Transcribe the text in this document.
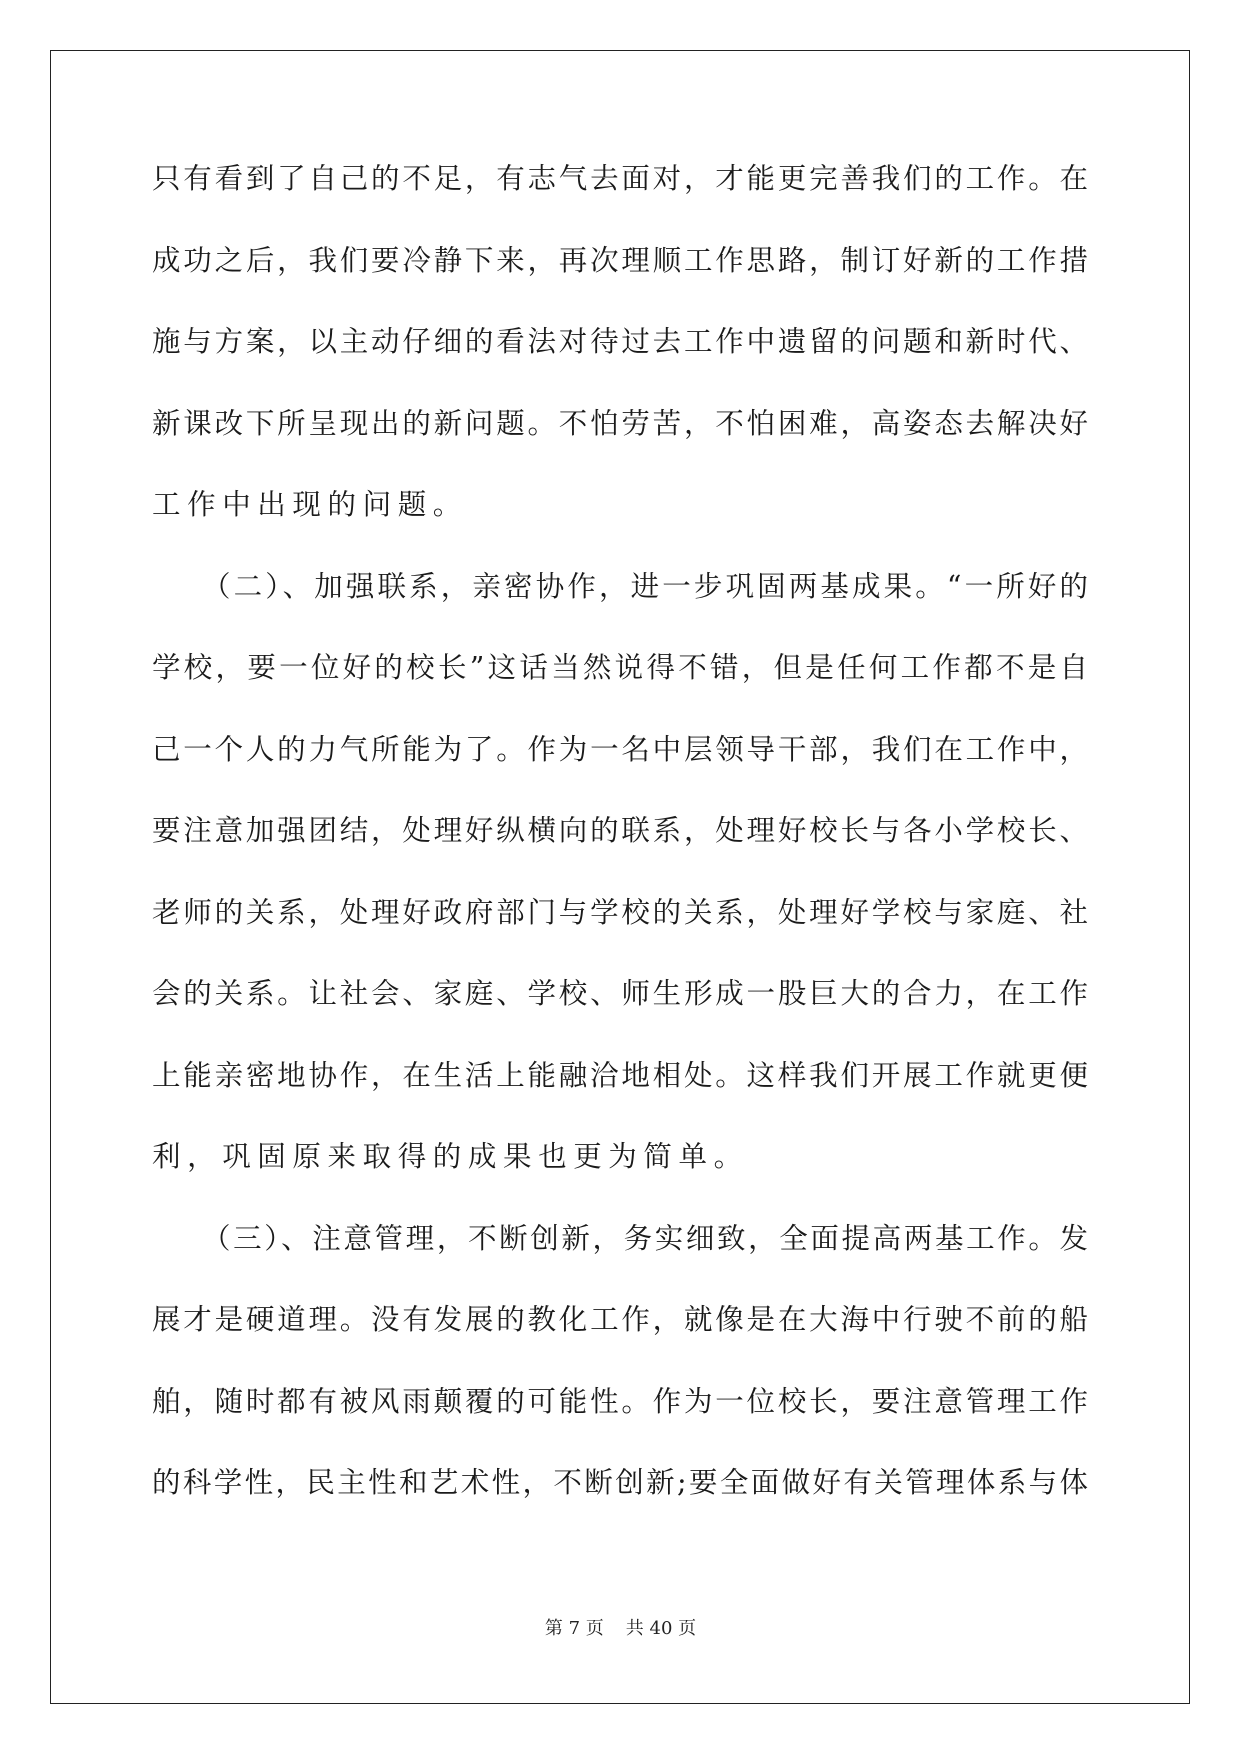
只有看到了自己的不足，有志气去面对，才能更完善我们的工作。在
成功之后，我们要冷静下来，再次理顺工作思路，制订好新的工作措
施与方案，以主动仔细的看法对待过去工作中遗留的问题和新时代、
新课改下所呈现出的新问题。不怕劳苦，不怕困难，高姿态去解决好
工作中出现的问题。
（二）、加强联系，亲密协作，进一步巩固两基成果。“一所好的
学校，要一位好的校长”这话当然说得不错，但是任何工作都不是自
己一个人的力气所能为了。作为一名中层领导干部，我们在工作中，
要注意加强团结，处理好纵横向的联系，处理好校长与各小学校长、
老师的关系，处理好政府部门与学校的关系，处理好学校与家庭、社
会的关系。让社会、家庭、学校、师生形成一股巨大的合力，在工作
上能亲密地协作，在生活上能融洽地相处。这样我们开展工作就更便
利，巩固原来取得的成果也更为简单。
（三）、注意管理，不断创新，务实细致，全面提高两基工作。发
展才是硬道理。没有发展的教化工作，就像是在大海中行驶不前的船
舶，随时都有被风雨颠覆的可能性。作为一位校长，要注意管理工作
的科学性，民主性和艺术性，不断创新;要全面做好有关管理体系与体
第 7 页 共 40 页
